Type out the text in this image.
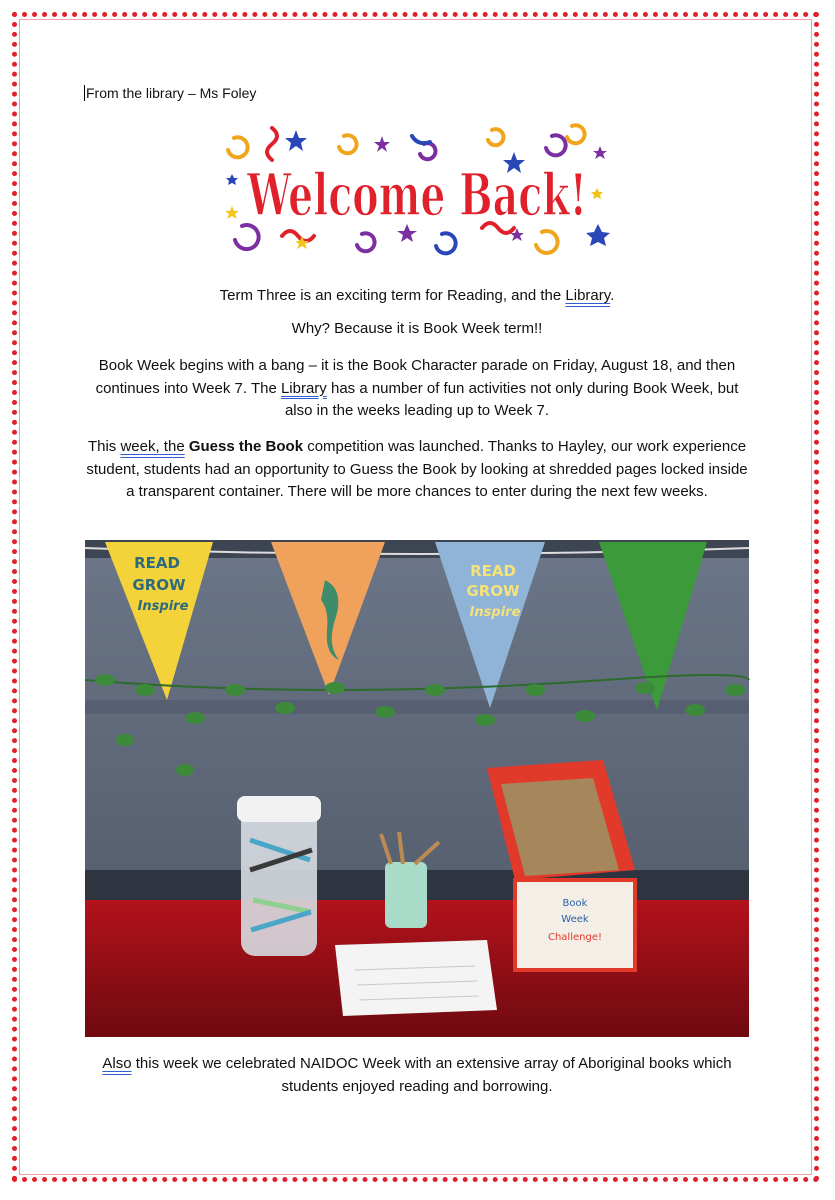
From the library – Ms Foley
Welcome Back!
Term Three is an exciting term for Reading, and the Library.
Why? Because it is Book Week term!!
Book Week begins with a bang – it is the Book Character parade on Friday, August 18, and then continues into Week 7. The Library has a number of fun activities not only during Book Week, but also in the weeks leading up to Week 7.
This week, the Guess the Book competition was launched. Thanks to Hayley, our work experience student, students had an opportunity to Guess the Book by looking at shredded pages locked inside a transparent container. There will be more chances to enter during the next few weeks.
READ
GROW
Inspire
READ
GROW
Inspire
Book
Week
Challenge!
Also this week we celebrated NAIDOC Week with an extensive array of Aboriginal books which students enjoyed reading and borrowing.
